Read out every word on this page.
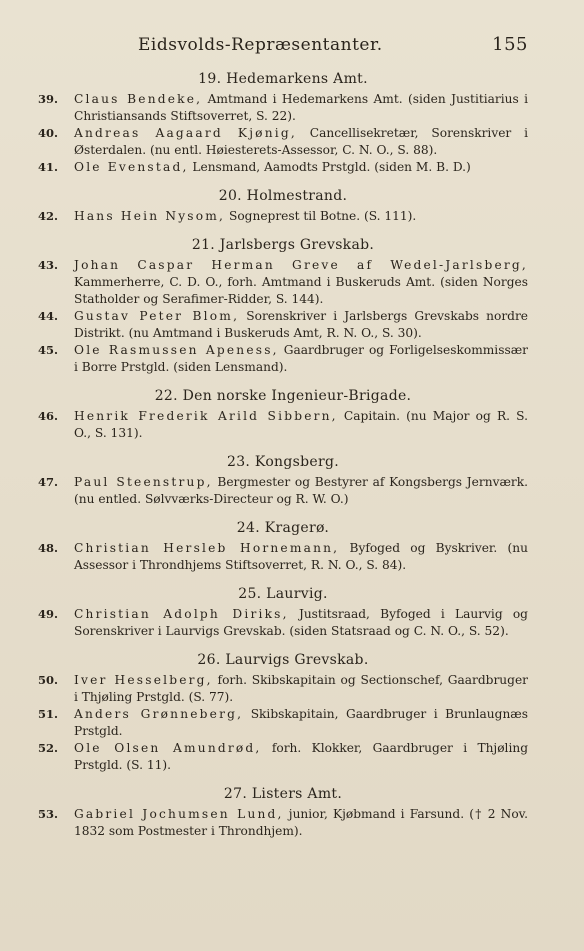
Eidsvolds-Repræsentanter.	155
19. Hedemarkens Amt.
39. Claus Bendeke, Amtmand i Hedemarkens Amt. (siden Justitiarius i Christiansands Stiftsoverret, S. 22).
40. Andreas Aagaard Kjønig, Cancellisekretær, Sorenskriver i Østerdalen. (nu entl. Høiesterets-Assessor, C. N. O., S. 88).
41. Ole Evenstad, Lensmand, Aamodts Prstgld. (siden M. B. D.)
20. Holmestrand.
42. Hans Hein Nysom, Sogneprest til Botne. (S. 111).
21. Jarlsbergs Grevskab.
43. Johan Caspar Herman Greve af Wedel-Jarlsberg, Kammerherre, C. D. O., forh. Amtmand i Buskeruds Amt. (siden Norges Statholder og Serafimer-Ridder, S. 144).
44. Gustav Peter Blom, Sorenskriver i Jarlsbergs Grevskabs nordre Distrikt. (nu Amtmand i Buskeruds Amt, R. N. O., S. 30).
45. Ole Rasmussen Apeness, Gaardbruger og Forligelseskommissær i Borre Prstgld. (siden Lensmand).
22. Den norske Ingenieur-Brigade.
46. Henrik Frederik Arild Sibbern, Capitain. (nu Major og R. S. O., S. 131).
23. Kongsberg.
47. Paul Steenstrup, Bergmester og Bestyrer af Kongsbergs Jernværk. (nu entled. Sølvværks-Directeur og R. W. O.)
24. Kragerø.
48. Christian Hersleb Hornemann, Byfoged og Byskriver. (nu Assessor i Throndhjems Stiftsoverret, R. N. O., S. 84).
25. Laurvig.
49. Christian Adolph Diriks, Justitsraad, Byfoged i Laurvig og Sorenskriver i Laurvigs Grevskab. (siden Statsraad og C. N. O., S. 52).
26. Laurvigs Grevskab.
50. Iver Hesselberg, forh. Skibskapitain og Sectionschef, Gaardbruger i Thjøling Prstgld. (S. 77).
51. Anders Grønneberg, Skibskapitain, Gaardbruger i Brunlaugnæs Prstgld.
52. Ole Olsen Amundrød, forh. Klokker, Gaardbruger i Thjøling Prstgld. (S. 11).
27. Listers Amt.
53. Gabriel Jochumsen Lund, junior, Kjøbmand i Farsund. († 2 Nov. 1832 som Postmester i Throndhjem).
